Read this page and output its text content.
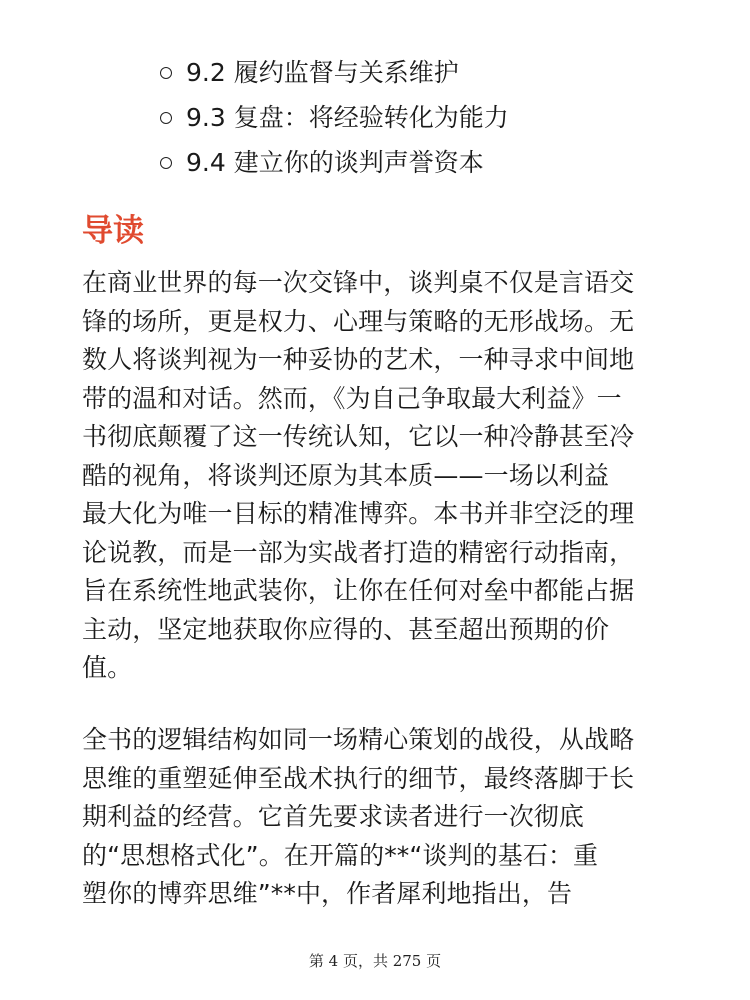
9.2 履约监督与关系维护
9.3 复盘：将经验转化为能力
9.4 建立你的谈判声誉资本
导读

在商业世界的每一次交锋中，谈判桌不仅是言语交
锋的场所，更是权力、心理与策略的无形战场。无
数人将谈判视为一种妥协的艺术，一种寻求中间地
带的温和对话。然而，《为自己争取最大利益》一
书彻底颠覆了这一传统认知，它以一种冷静甚至冷
酷的视角，将谈判还原为其本质——一场以利益
最大化为唯一目标的精准博弈。本书并非空泛的理
论说教，而是一部为实战者打造的精密行动指南，
旨在系统性地武装你，让你在任何对垒中都能占据
主动，坚定地获取你应得的、甚至超出预期的价
值。

全书的逻辑结构如同一场精心策划的战役，从战略
思维的重塑延伸至战术执行的细节，最终落脚于长
期利益的经营。它首先要求读者进行一次彻底
的“思想格式化”。在开篇的**“谈判的基石：重
塑你的博弈思维”**中，作者犀利地指出，告

第 4 页，共 275 页
